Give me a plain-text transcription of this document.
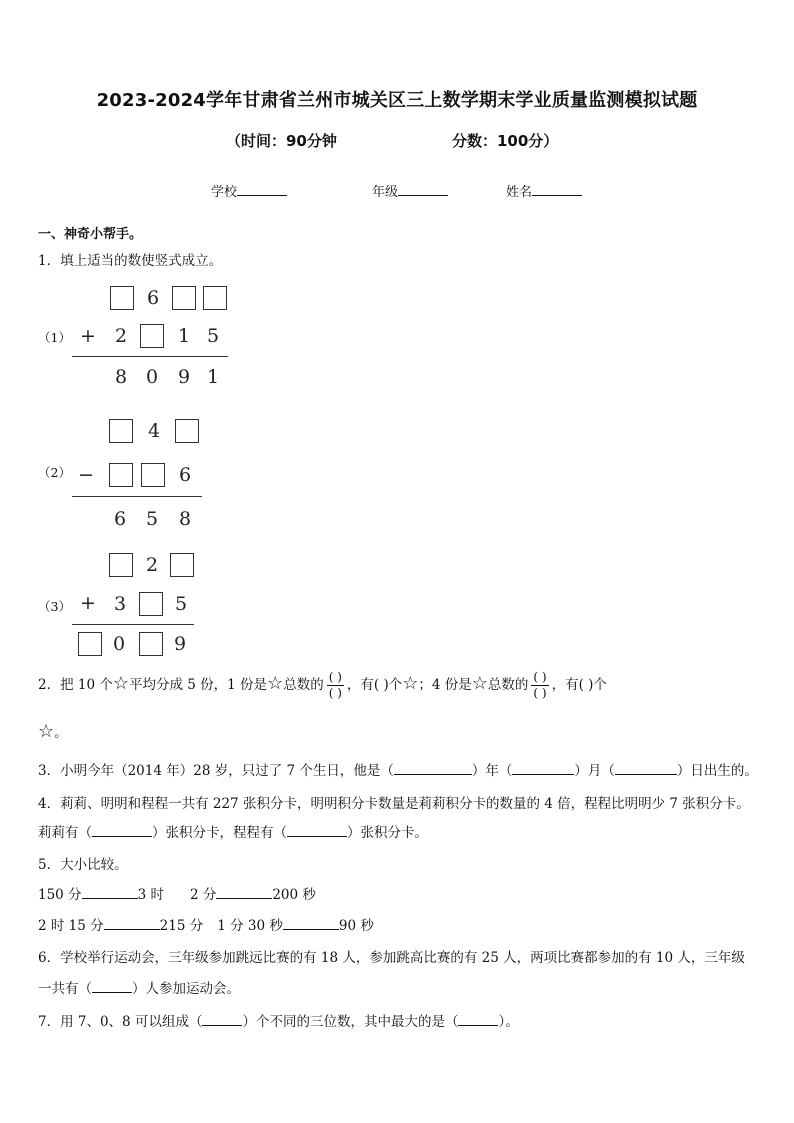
2023-2024学年甘肃省兰州市城关区三上数学期末学业质量监测模拟试题
（时间：90分钟	分数：100分）
学校	年级	姓名
一、神奇小帮手。
1．填上适当的数使竖式成立。
（1）
6
+ 2	1 5
8 0 9 1
（2）
4
−	6
6 5 8
（3）
2
+ 3	5
0	9
2．把 10 个☆平均分成 5 份，1 份是☆总数的 $\frac{( )}{( )}$ ，有( )个☆；4 份是☆总数的 $\frac{( )}{( )}$ ，有( )个
☆。
3．小明今年（2014 年）28 岁，只过了 7 个生日，他是（	）年（	）月（	）日出生的。
4．莉莉、明明和程程一共有 227 张积分卡，明明积分卡数量是莉莉积分卡的数量的 4 倍，程程比明明少 7 张积分卡。
莉莉有（	）张积分卡，程程有（	）张积分卡。
5．大小比较。
150 分	3 时 2 分	200 秒
2 时 15 分	215 分 1 分 30 秒	90 秒
6．学校举行运动会，三年级参加跳远比赛的有 18 人，参加跳高比赛的有 25 人，两项比赛都参加的有 10 人，三年级
一共有（	）人参加运动会。
7．用 7、0、8 可以组成（	）个不同的三位数，其中最大的是（	）。
